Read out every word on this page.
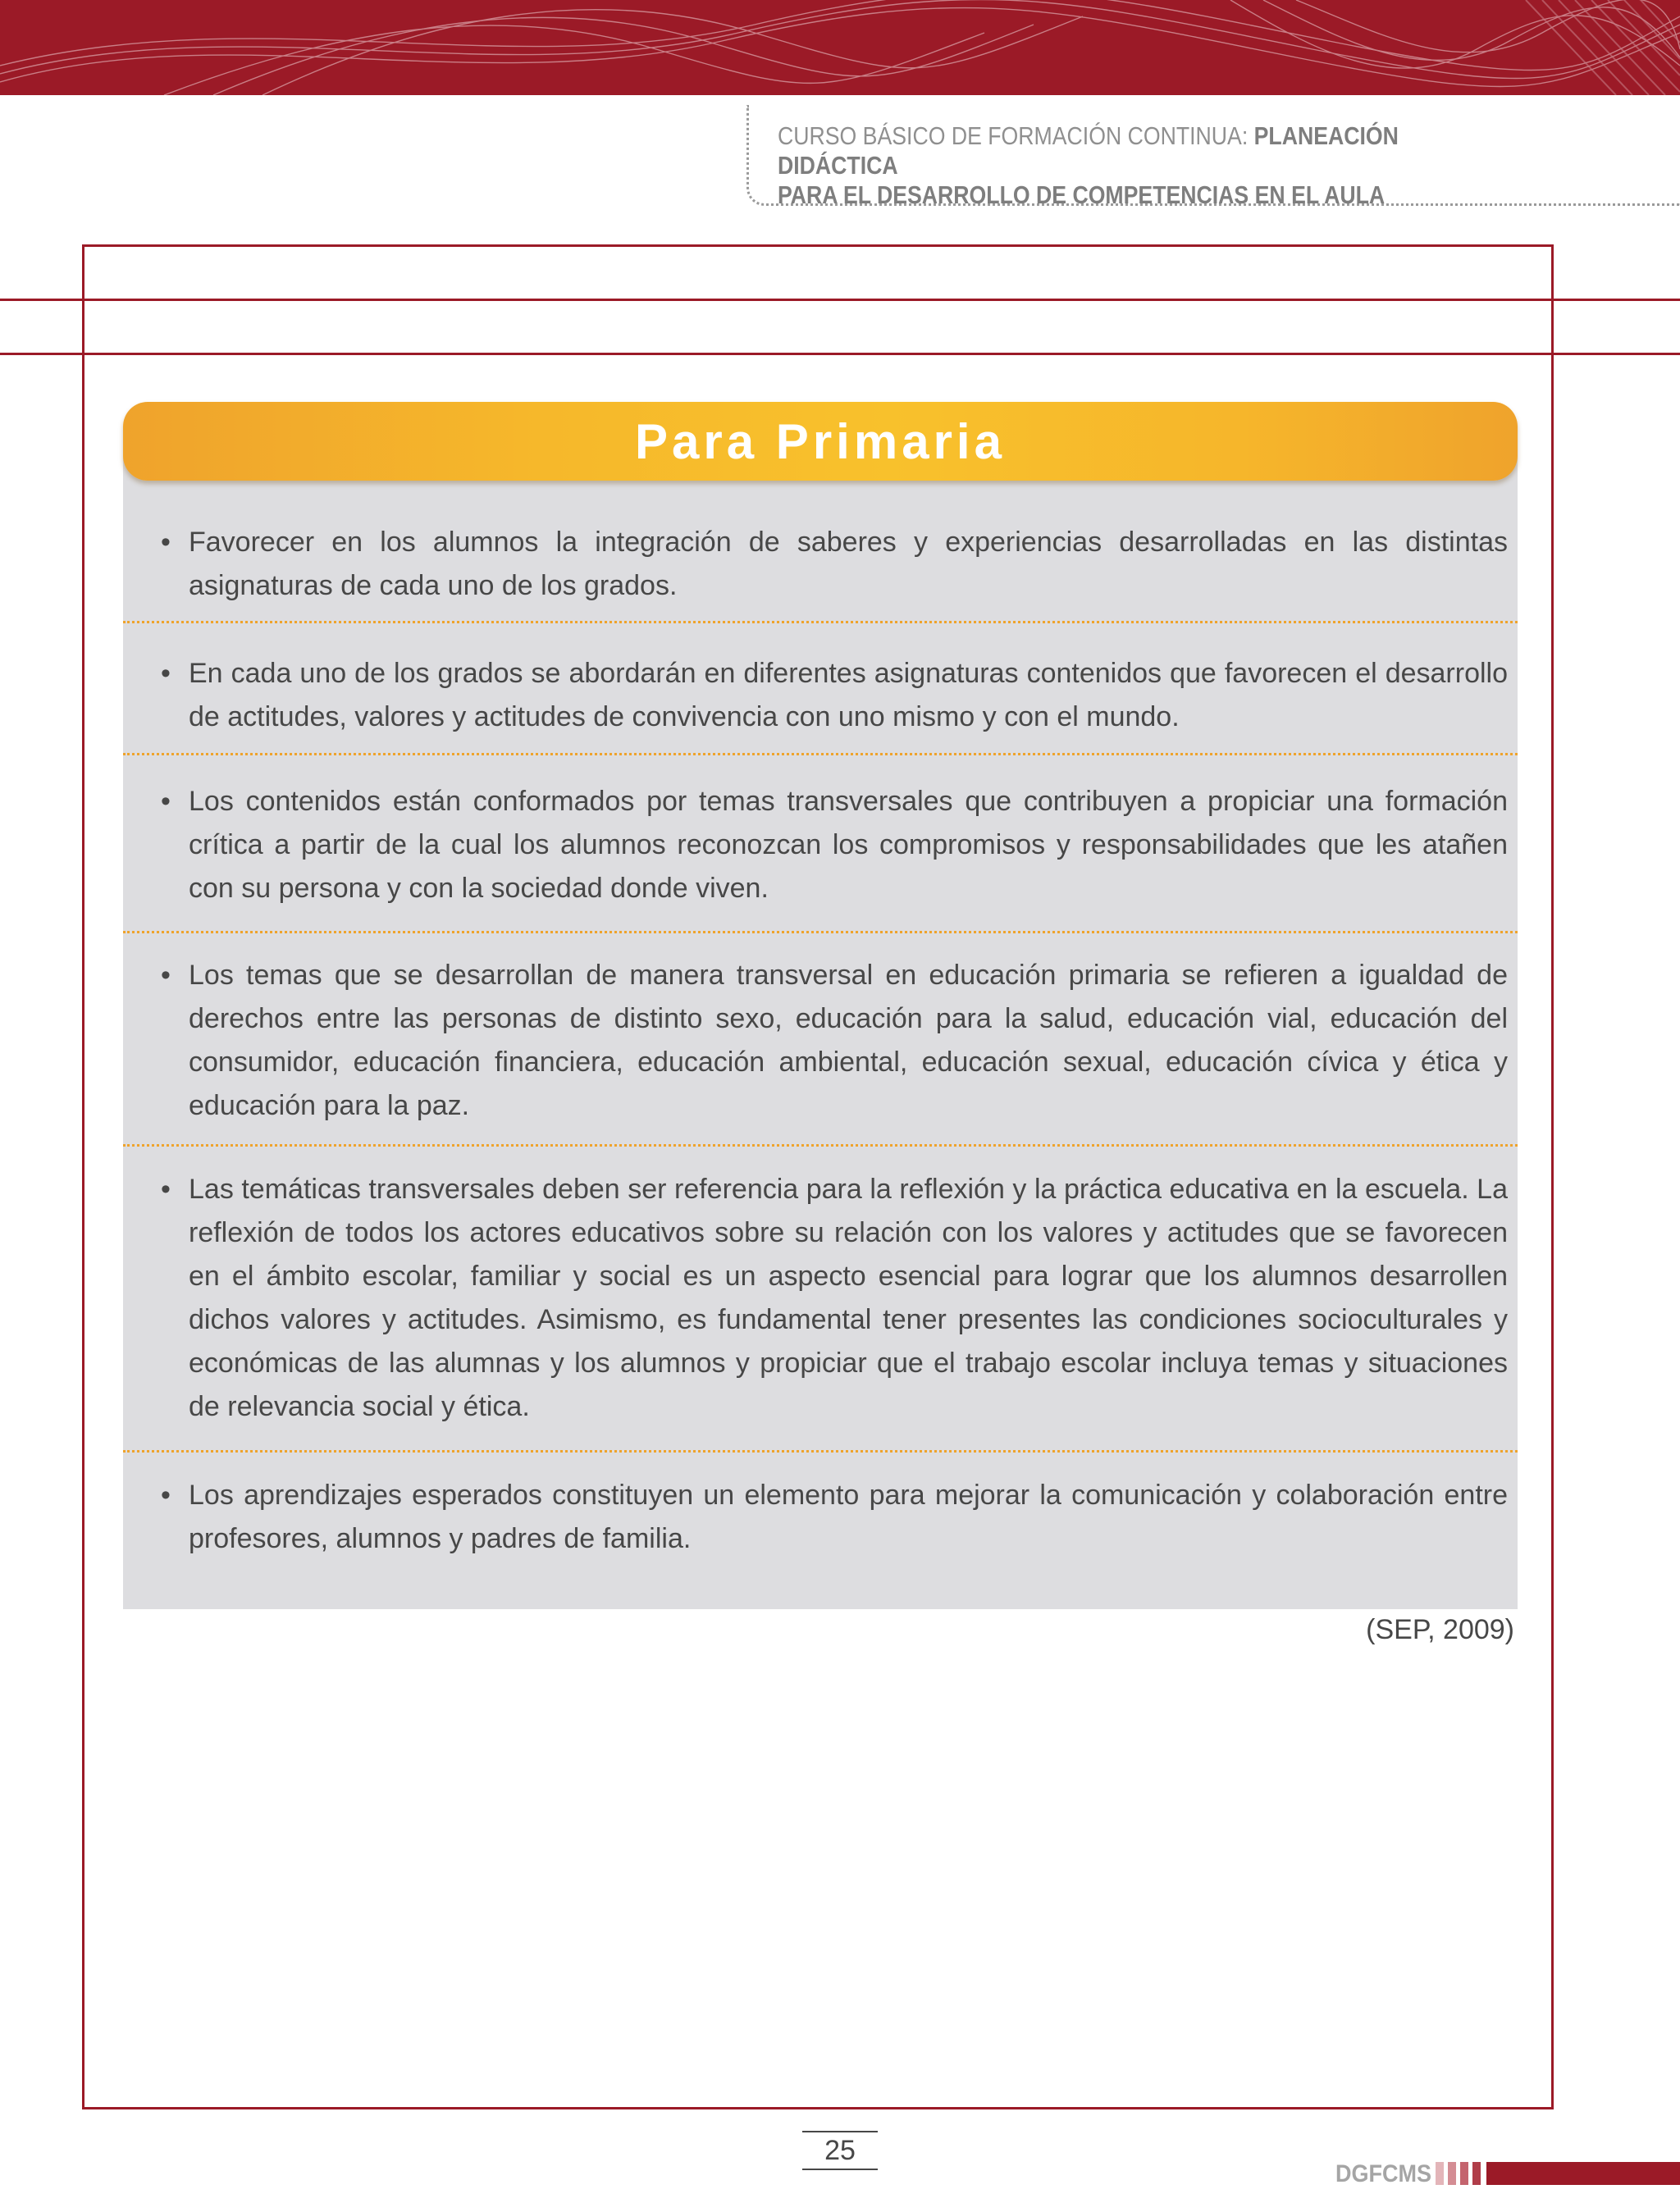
CURSO BÁSICO DE FORMACIÓN CONTINUA: PLANEACIÓN DIDÁCTICA
PARA EL DESARROLLO DE COMPETENCIAS EN EL AULA
Para Primaria
• Favorecer en los alumnos la integración de saberes y experiencias desarrolladas en las distintas asignaturas de cada uno de los grados.
• En cada uno de los grados se abordarán en diferentes asignaturas contenidos que favorecen el desarrollo de actitudes, valores y actitudes de convivencia con uno mismo y con el mundo.
• Los contenidos están conformados por temas transversales que contribuyen a propiciar una formación crítica a partir de la cual los alumnos reconozcan los compromisos y responsabilidades que les atañen con su persona y con la sociedad donde viven.
• Los temas que se desarrollan de manera transversal en educación primaria se refieren a igualdad de derechos entre las personas de distinto sexo, educación para la salud, educación vial, educación del consumidor, educación financiera, educación ambiental, educación sexual, educación cívica y ética y educación para la paz.
• Las temáticas transversales deben ser referencia para la reflexión y la práctica educativa en la escuela. La reflexión de todos los actores educativos sobre su relación con los valores y actitudes que se favorecen en el ámbito escolar, familiar y social es un aspecto esencial para lograr que los alumnos desarrollen dichos valores y actitudes. Asimismo, es fundamental tener presentes las condiciones socioculturales y económicas de las alumnas y los alumnos y propiciar que el trabajo escolar incluya temas y situaciones de relevancia social y ética.
• Los aprendizajes esperados constituyen un elemento para mejorar la comunicación y colaboración entre profesores, alumnos y padres de familia.
(SEP, 2009)
25
DGFCMS
